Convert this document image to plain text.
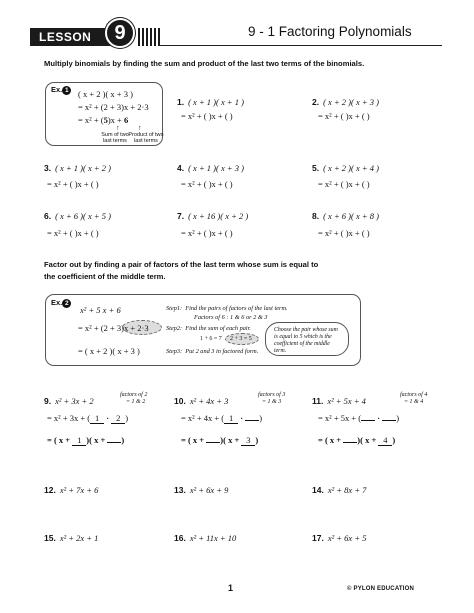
LESSON	9	9 - 1 Factoring Polynomials
Multiply binomials by finding the sum and product of the last two terms of the binomials.
Ex. 1	( x + 2 )( x + 3 )
= x² + (2 + 3)x + 2·3
= x² + (5)x + 6
↑	↑
Sum of two last terms
Product of two last terms
1. ( x + 1 )( x + 1 )
= x² + ( )x + ( )
2. ( x + 2 )( x + 3 )
= x² + ( )x + ( )
3. ( x + 1 )( x + 2 )
= x² + ( )x + ( )
4. ( x + 1 )( x + 3 )
= x² + ( )x + ( )
5. ( x + 2 )( x + 4 )
= x² + ( )x + ( )
6. ( x + 6 )( x + 5 )
= x² + ( )x + ( )
7. ( x + 16 )( x + 2 )
= x² + ( )x + ( )
8. ( x + 6 )( x + 8 )
= x² + ( )x + ( )
Factor out by finding a pair of factors of the last term whose sum is equal to
the coefficient of the middle term.
Ex. 2
x² + 5 x + 6
= x² + (2 + 3)x + 2·3
= ( x + 2 )( x + 3 )
Step1: Find the pairs of factors of the last term.
Factors of 6 : 1 & 6 or 2 & 3
Step2: Find the sum of each pair.
1 + 6 = 7 2 + 3 = 5
Step3: Put 2 and 3 in factored form.
Choose the pair whose sum is equal to 5 which is the coefficient of the middle term.
9. x² + 3x + 2
factors of 2
= 1 & 2
= x² + 3x + ( 1 · 2 )
= ( x + 1 )( x + )
10. x² + 4x + 3
factors of 3
= 1 & 3
= x² + 4x + ( 1 · )
= ( x + )( x + 3 )
11. x² + 5x + 4
factors of 4
= 1 & 4
= x² + 5x + ( · )
= ( x + )( x + 4 )
12. x² + 7x + 6	13. x² + 6x + 9	14. x² + 8x + 7
15. x² + 2x + 1	16. x² + 11x + 10	17. x² + 6x + 5
1	© PYLON EDUCATION
